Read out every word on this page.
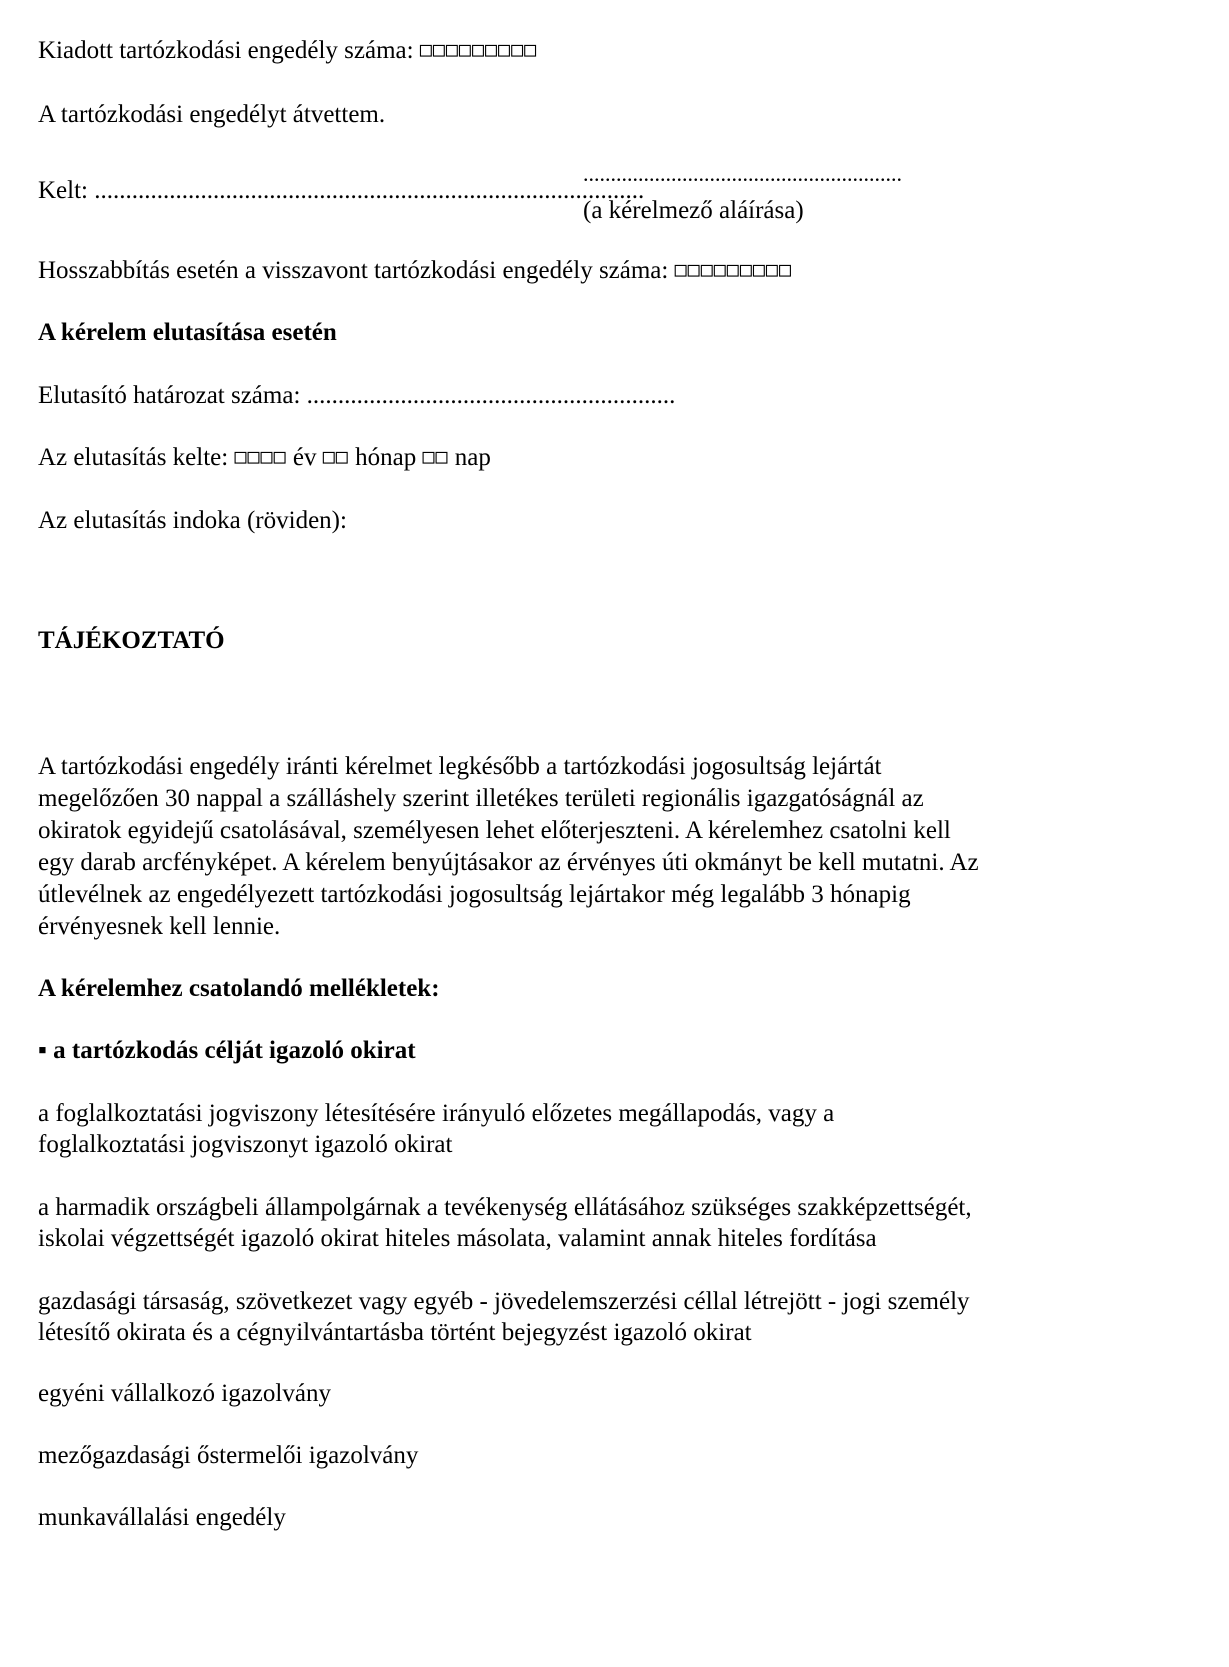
Kiadott tartózkodási engedély száma: □□□□□□□□□
A tartózkodási engedélyt átvettem.
Kelt: ........................................................................................
..........................................................
(a kérelmező aláírása)
Hosszabbítás esetén a visszavont tartózkodási engedély száma: □□□□□□□□□
A kérelem elutasítása esetén
Elutasító határozat száma: ...........................................................
Az elutasítás kelte: □□□□ év □□ hónap □□ nap
Az elutasítás indoka (röviden):
TÁJÉKOZTATÓ
A tartózkodási engedély iránti kérelmet legkésőbb a tartózkodási jogosultság lejártát
megelőzően 30 nappal a szálláshely szerint illetékes területi regionális igazgatóságnál az
okiratok egyidejű csatolásával, személyesen lehet előterjeszteni. A kérelemhez csatolni kell
egy darab arcfényképet. A kérelem benyújtásakor az érvényes úti okmányt be kell mutatni. Az
útlevélnek az engedélyezett tartózkodási jogosultság lejártakor még legalább 3 hónapig
érvényesnek kell lennie.
A kérelemhez csatolandó mellékletek:
▪ a tartózkodás célját igazoló okirat
a foglalkoztatási jogviszony létesítésére irányuló előzetes megállapodás, vagy a
foglalkoztatási jogviszonyt igazoló okirat
a harmadik országbeli állampolgárnak a tevékenység ellátásához szükséges szakképzettségét,
iskolai végzettségét igazoló okirat hiteles másolata, valamint annak hiteles fordítása
gazdasági társaság, szövetkezet vagy egyéb - jövedelemszerzési céllal létrejött - jogi személy
létesítő okirata és a cégnyilvántartásba történt bejegyzést igazoló okirat
egyéni vállalkozó igazolvány
mezőgazdasági őstermelői igazolvány
munkavállalási engedély
